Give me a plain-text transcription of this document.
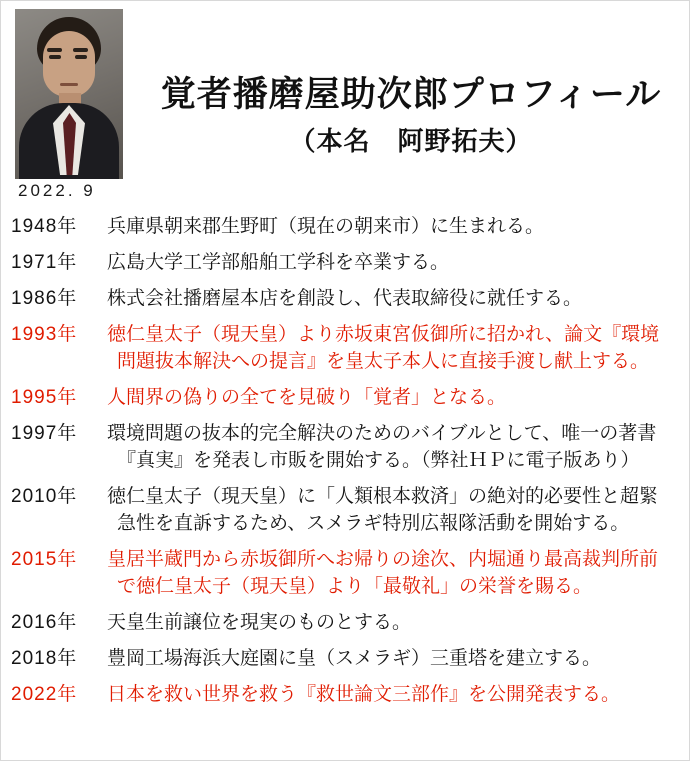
2022. 9
覚者播磨屋助次郎プロフィール
（本名　阿野拓夫）
1948年	兵庫県朝来郡生野町（現在の朝来市）に生まれる。
1971年	広島大学工学部船舶工学科を卒業する。
1986年	株式会社播磨屋本店を創設し、代表取締役に就任する。
1993年	徳仁皇太子（現天皇）より赤坂東宮仮御所に招かれ、論文『環境
問題抜本解決への提言』を皇太子本人に直接手渡し献上する。
1995年	人間界の偽りの全てを見破り「覚者」となる。
1997年	環境問題の抜本的完全解決のためのバイブルとして、唯一の著書
『真実』を発表し市販を開始する。（弊社ＨＰに電子版あり）
2010年	徳仁皇太子（現天皇）に「人類根本救済」の絶対的必要性と超緊
急性を直訴するため、スメラギ特別広報隊活動を開始する。
2015年	皇居半蔵門から赤坂御所へお帰りの途次、内堀通り最高裁判所前
で徳仁皇太子（現天皇）より「最敬礼」の栄誉を賜る。
2016年	天皇生前譲位を現実のものとする。
2018年	豊岡工場海浜大庭園に皇（スメラギ）三重塔を建立する。
2022年	日本を救い世界を救う『救世論文三部作』を公開発表する。
